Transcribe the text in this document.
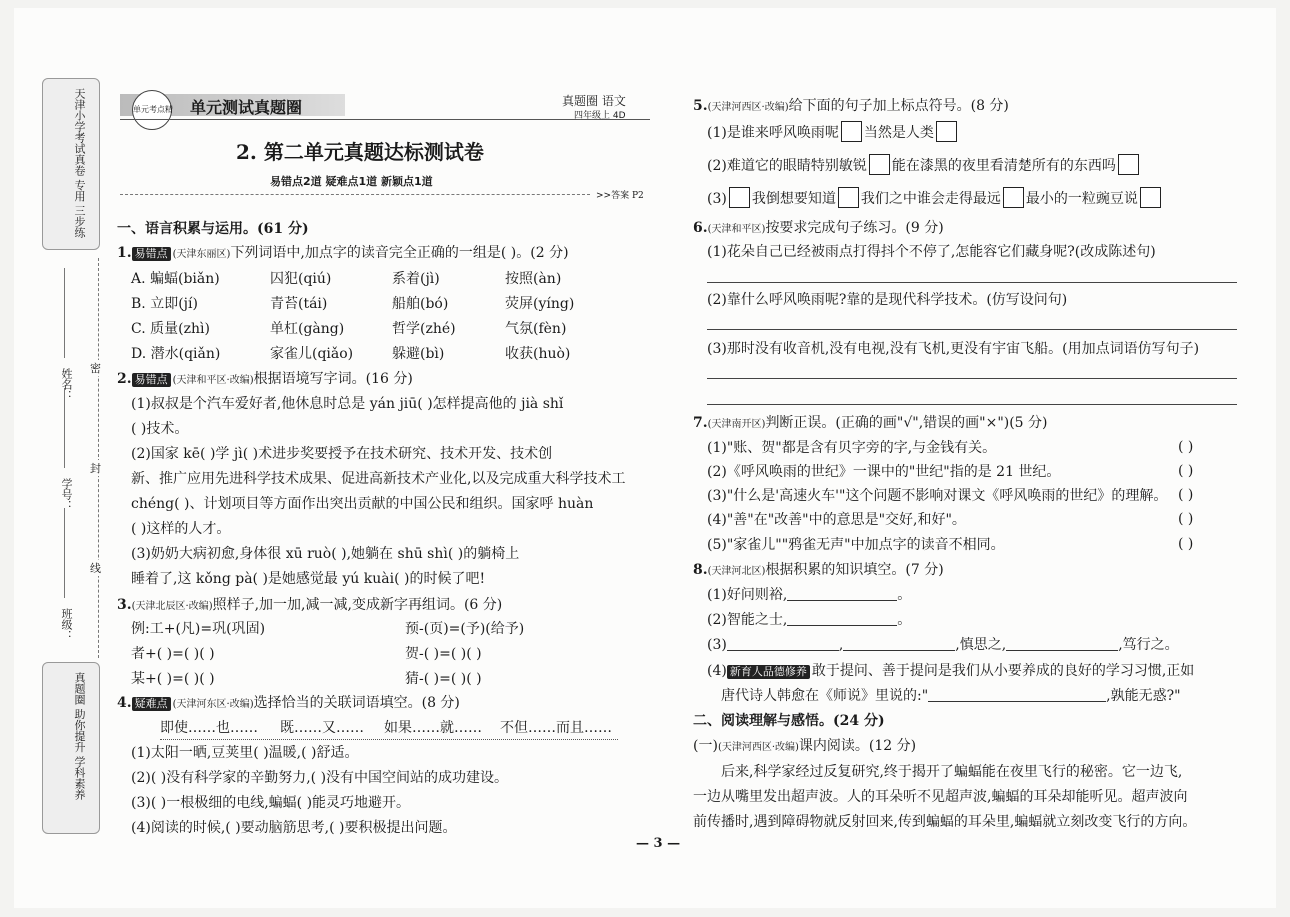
天津小学考试真卷 专用 三步练
真题圈 助你提升 学科素养
姓名：
学号：
班级：
密
封
线
单元考点精 单元测试真题圈	真题圈 语文
四年级上 4D
2. 第二单元真题达标测试卷
易错点2道 疑难点1道 新颖点1道
>>答案 P2
一、语言积累与运用。(61 分)
1. 易错点 (天津东丽区)下列词语中,加点字的读音完全正确的一组是( )。(2 分)
A. 蝙蝠(biǎn)	囚犯(qiú)	系着(jì)	按照(àn)
B. 立即(jí)	青苔(tái)	船舶(bó)	荧屏(yíng)
C. 质量(zhì)	单杠(gàng)	哲学(zhé)	气氛(fèn)
D. 潜水(qiǎn)	家雀儿(qiǎo)	躲避(bì)	收获(huò)
2. 易错点 (天津和平区·改编)根据语境写字词。(16 分)
(1)叔叔是个汽车爱好者,他休息时总是 yán jiū( )怎样提高他的 jià shǐ
( )技术。
(2)国家 kē( )学 jì( )术进步奖要授予在技术研究、技术开发、技术创
新、推广应用先进科学技术成果、促进高新技术产业化,以及完成重大科学技术工
chéng( )、计划项目等方面作出突出贡献的中国公民和组织。国家呼 huàn
( )这样的人才。
(3)奶奶大病初愈,身体很 xū ruò( ),她躺在 shū shì( )的躺椅上
睡着了,这 kǒng pà( )是她感觉最 yú kuài( )的时候了吧!
3.(天津北辰区·改编)照样子,加一加,减一减,变成新字再组词。(6 分)
例:工+(凡)=巩(巩固)	预-(页)=(予)(给予)
者+( )=( )( )	贺-( )=( )( )
某+( )=( )( )	猜-( )=( )( )
4. 疑难点 (天津河东区·改编)选择恰当的关联词语填空。(8 分)
即使……也…… 既……又…… 如果……就…… 不但……而且……
(1)太阳一晒,豆荚里( )温暖,( )舒适。
(2)( )没有科学家的辛勤努力,( )没有中国空间站的成功建设。
(3)( )一根极细的电线,蝙蝠( )能灵巧地避开。
(4)阅读的时候,( )要动脑筋思考,( )要积极提出问题。
5.(天津河西区·改编)给下面的句子加上标点符号。(8 分)
(1)是谁来呼风唤雨呢 当然是人类
(2)难道它的眼睛特别敏锐 能在漆黑的夜里看清楚所有的东西吗
(3) 我倒想要知道 我们之中谁会走得最远 最小的一粒豌豆说
6.(天津和平区)按要求完成句子练习。(9 分)
(1)花朵自己已经被雨点打得抖个不停了,怎能容它们藏身呢?(改成陈述句)
(2)靠什么呼风唤雨呢?靠的是现代科学技术。(仿写设问句)
(3)那时没有收音机,没有电视,没有飞机,更没有宇宙飞船。(用加点词语仿写句子)
7.(天津南开区)判断正误。(正确的画"√",错误的画"×")(5 分)
(1)"账、贺"都是含有贝字旁的字,与金钱有关。	( )
(2)《呼风唤雨的世纪》一课中的"世纪"指的是 21 世纪。	( )
(3)"什么是'高速火车'"这个问题不影响对课文《呼风唤雨的世纪》的理解。 ( )
(4)"善"在"改善"中的意思是"交好,和好"。	( )
(5)"家雀儿""鸦雀无声"中加点字的读音不相同。	( )
8.(天津河北区)根据积累的知识填空。(7 分)
(1)好问则裕,	。
(2)智能之士,	。
(3)	,	,慎思之,	,笃行之。
(4) 新育人品德修养 敢于提问、善于提问是我们从小要养成的良好的学习习惯,正如
唐代诗人韩愈在《师说》里说的:"	,孰能无惑?"
二、阅读理解与感悟。(24 分)
(一)(天津河西区·改编)课内阅读。(12 分)
后来,科学家经过反复研究,终于揭开了蝙蝠能在夜里飞行的秘密。它一边飞,
一边从嘴里发出超声波。人的耳朵听不见超声波,蝙蝠的耳朵却能听见。超声波向
前传播时,遇到障碍物就反射回来,传到蝙蝠的耳朵里,蝙蝠就立刻改变飞行的方向。
— 3 —
